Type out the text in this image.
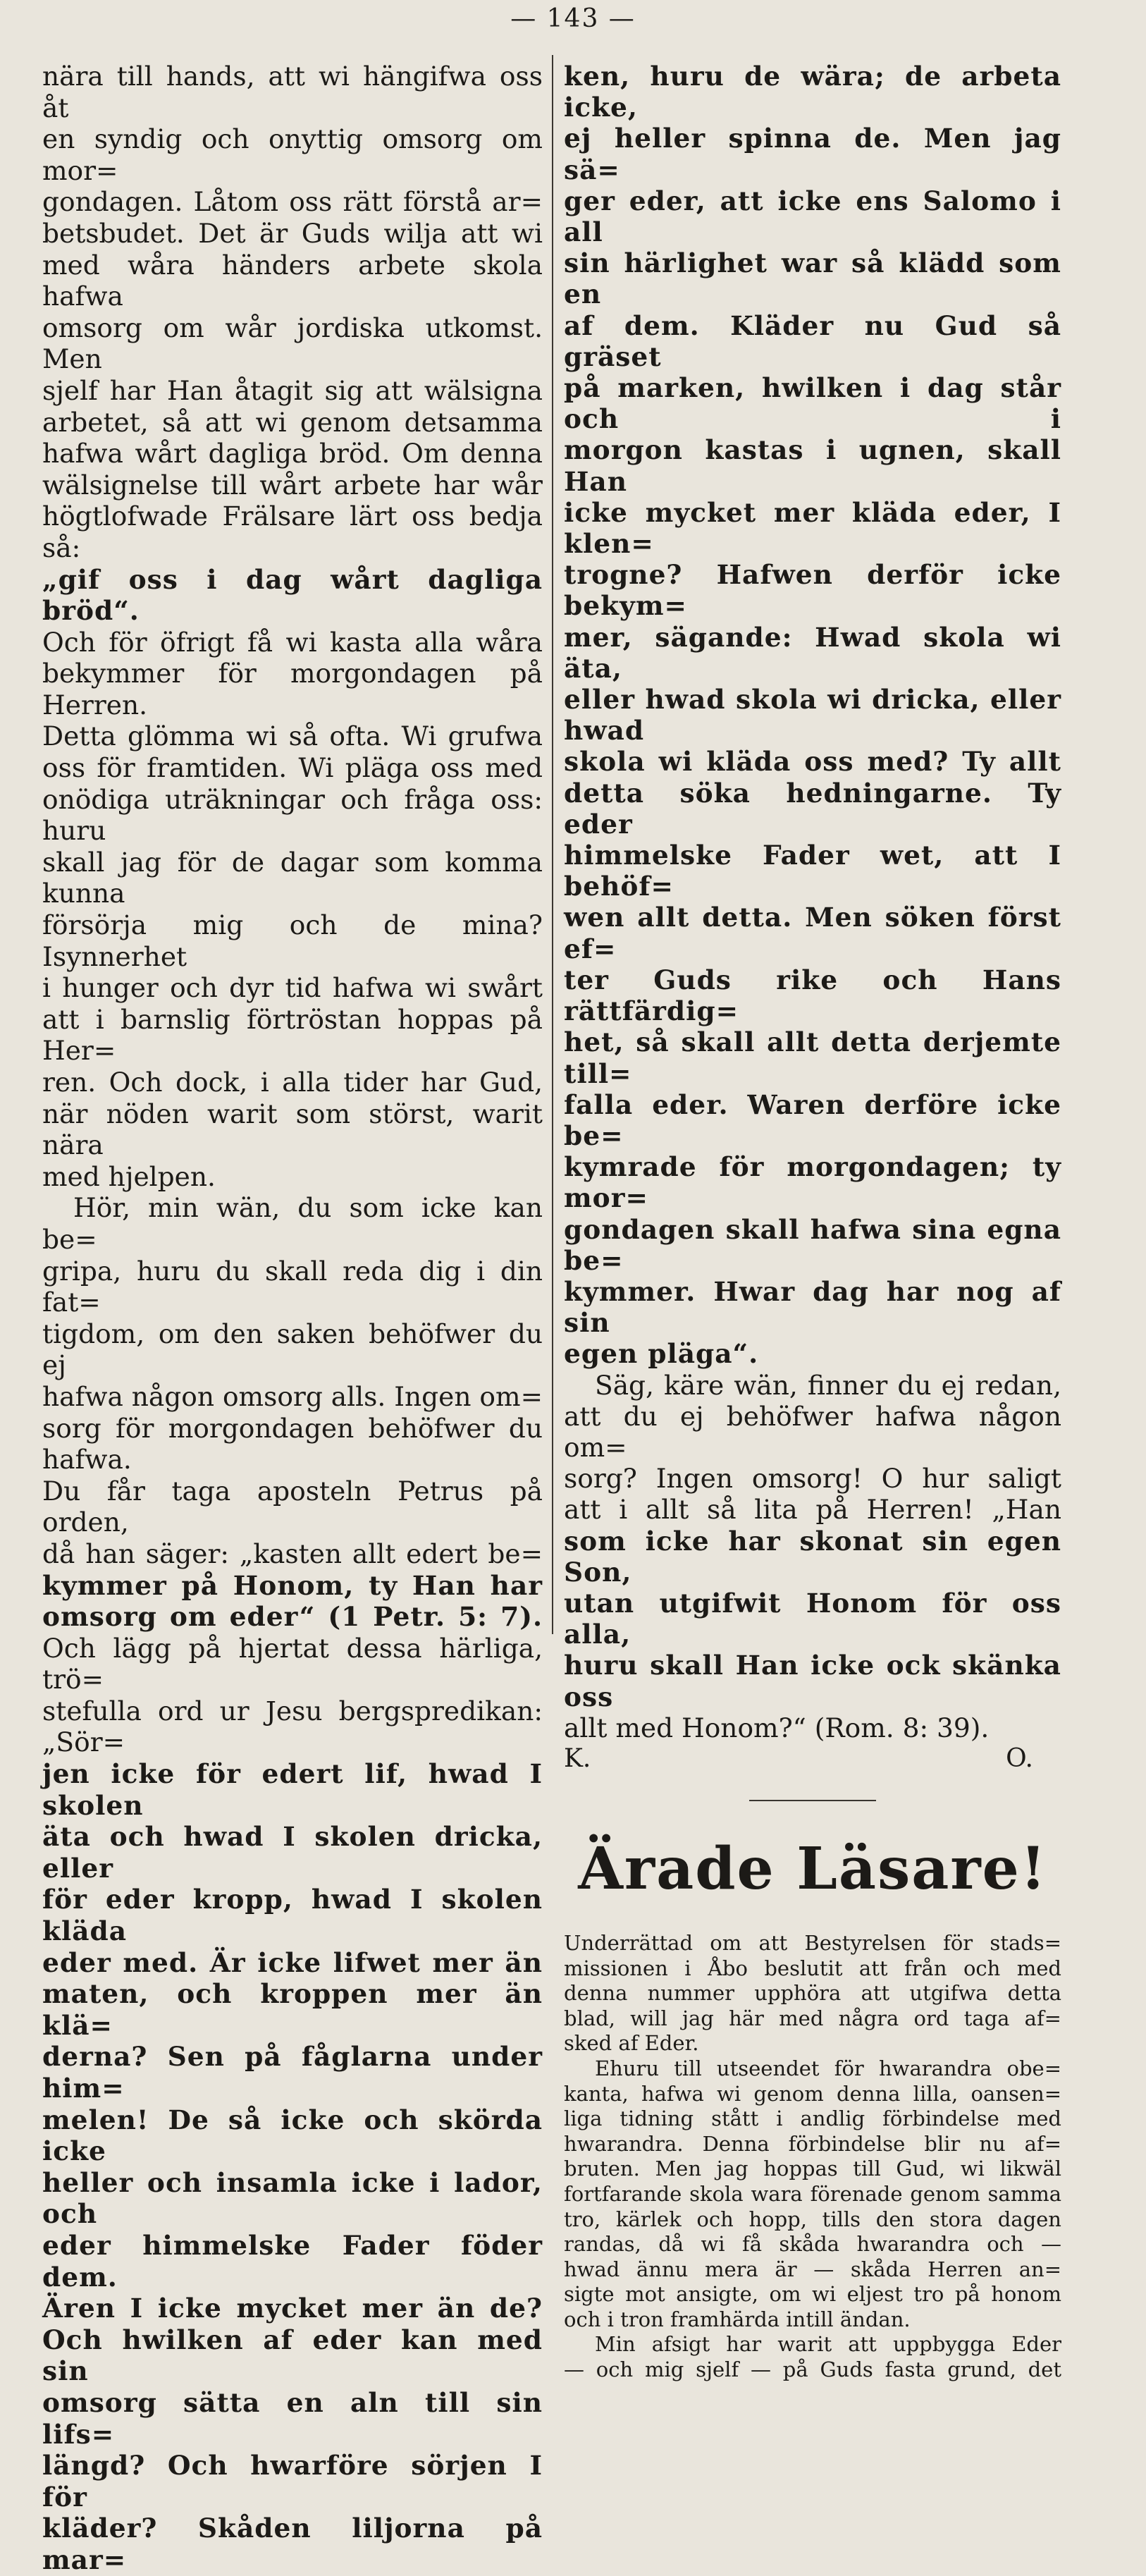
— 143 —

nära till hands, att wi hängifwa oss åt

en syndig och onyttig omsorg om mor=

gondagen. Låtom oss rätt förstå ar=

betsbudet. Det är Guds wilja att wi

med wåra händers arbete skola hafwa

omsorg om wår jordiska utkomst. Men

sjelf har Han åtagit sig att wälsigna

arbetet, så att wi genom detsamma

hafwa wårt dagliga bröd. Om denna

wälsignelse till wårt arbete har wår

högtlofwade Frälsare lärt oss bedja så:

„gif oss i dag wårt dagliga bröd“.

Och för öfrigt få wi kasta alla wåra

bekymmer för morgondagen på Herren.

Detta glömma wi så ofta. Wi grufwa

oss för framtiden. Wi pläga oss med

onödiga uträkningar och fråga oss: huru

skall jag för de dagar som komma kunna

försörja mig och de mina? Isynnerhet

i hunger och dyr tid hafwa wi swårt

att i barnslig förtröstan hoppas på Her=

ren. Och dock, i alla tider har Gud,

när nöden warit som störst, warit nära

med hjelpen.

Hör, min wän, du som icke kan be=

gripa, huru du skall reda dig i din fat=

tigdom, om den saken behöfwer du ej

hafwa någon omsorg alls. Ingen om=

sorg för morgondagen behöfwer du hafwa.

Du får taga aposteln Petrus på orden,

då han säger: „kasten allt edert be=

kymmer på Honom, ty Han har

omsorg om eder“ (1 Petr. 5: 7).

Och lägg på hjertat dessa härliga, trö=

stefulla ord ur Jesu bergspredikan: „Sör=

jen icke för edert lif, hwad I skolen

äta och hwad I skolen dricka, eller

för eder kropp, hwad I skolen kläda

eder med. Är icke lifwet mer än

maten, och kroppen mer än klä=

derna? Sen på fåglarna under him=

melen! De så icke och skörda icke

heller och insamla icke i lador, och

eder himmelske Fader föder dem.

Ären I icke mycket mer än de?

Och hwilken af eder kan med sin

omsorg sätta en aln till sin lifs=

längd? Och hwarföre sörjen I för

kläder? Skåden liljorna på mar=

ken, huru de wära; de arbeta icke,

ej heller spinna de. Men jag sä=

ger eder, att icke ens Salomo i all

sin härlighet war så klädd som en

af dem. Kläder nu Gud så gräset

på marken, hwilken i dag står och i

morgon kastas i ugnen, skall Han

icke mycket mer kläda eder, I klen=

trogne? Hafwen derför icke bekym=

mer, sägande: Hwad skola wi äta,

eller hwad skola wi dricka, eller hwad

skola wi kläda oss med? Ty allt

detta söka hedningarne. Ty eder

himmelske Fader wet, att I behöf=

wen allt detta. Men söken först ef=

ter Guds rike och Hans rättfärdig=

het, så skall allt detta derjemte till=

falla eder. Waren derföre icke be=

kymrade för morgondagen; ty mor=

gondagen skall hafwa sina egna be=

kymmer. Hwar dag har nog af sin

egen pläga“.

Säg, käre wän, finner du ej redan,

att du ej behöfwer hafwa någon om=

sorg? Ingen omsorg! O hur saligt

att i allt så lita på Herren! „Han

som icke har skonat sin egen Son,

utan utgifwit Honom för oss alla,

huru skall Han icke ock skänka oss

allt med Honom?“ (Rom. 8: 39).

K. O.

Ärade Läsare!

Underrättad om att Bestyrelsen för stads=

missionen i Åbo beslutit att från och med

denna nummer upphöra att utgifwa detta

blad, will jag här med några ord taga af=

sked af Eder.

Ehuru till utseendet för hwarandra obe=

kanta, hafwa wi genom denna lilla, oansen=

liga tidning stått i andlig förbindelse med

hwarandra. Denna förbindelse blir nu af=

bruten. Men jag hoppas till Gud, wi likwäl

fortfarande skola wara förenade genom samma

tro, kärlek och hopp, tills den stora dagen

randas, då wi få skåda hwarandra och —

hwad ännu mera är — skåda Herren an=

sigte mot ansigte, om wi eljest tro på honom

och i tron framhärda intill ändan.

Min afsigt har warit att uppbygga Eder

— och mig sjelf — på Guds fasta grund, det
